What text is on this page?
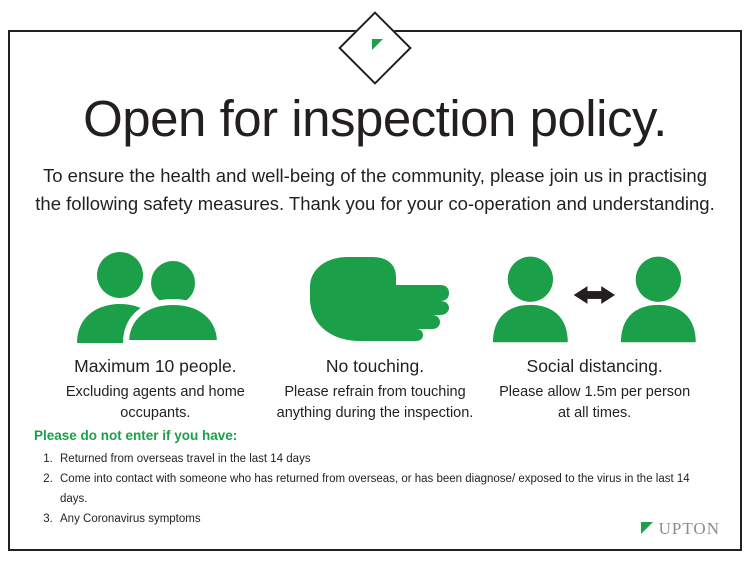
Open for inspection policy.

To ensure the health and well-being of the community, please join us in practising the following safety measures. Thank you for your co-operation and understanding.

Maximum 10 people.
Excluding agents and home occupants.
No touching.
Please refrain from touching anything during the inspection.
Social distancing.
Please allow 1.5m per person at all times.
Please do not enter if you have:
1. Returned from overseas travel in the last 14 days
2. Come into contact with someone who has returned from overseas, or has been diagnose/ exposed to the virus in the last 14 days.
3. Any Coronavirus symptoms
UPTON
